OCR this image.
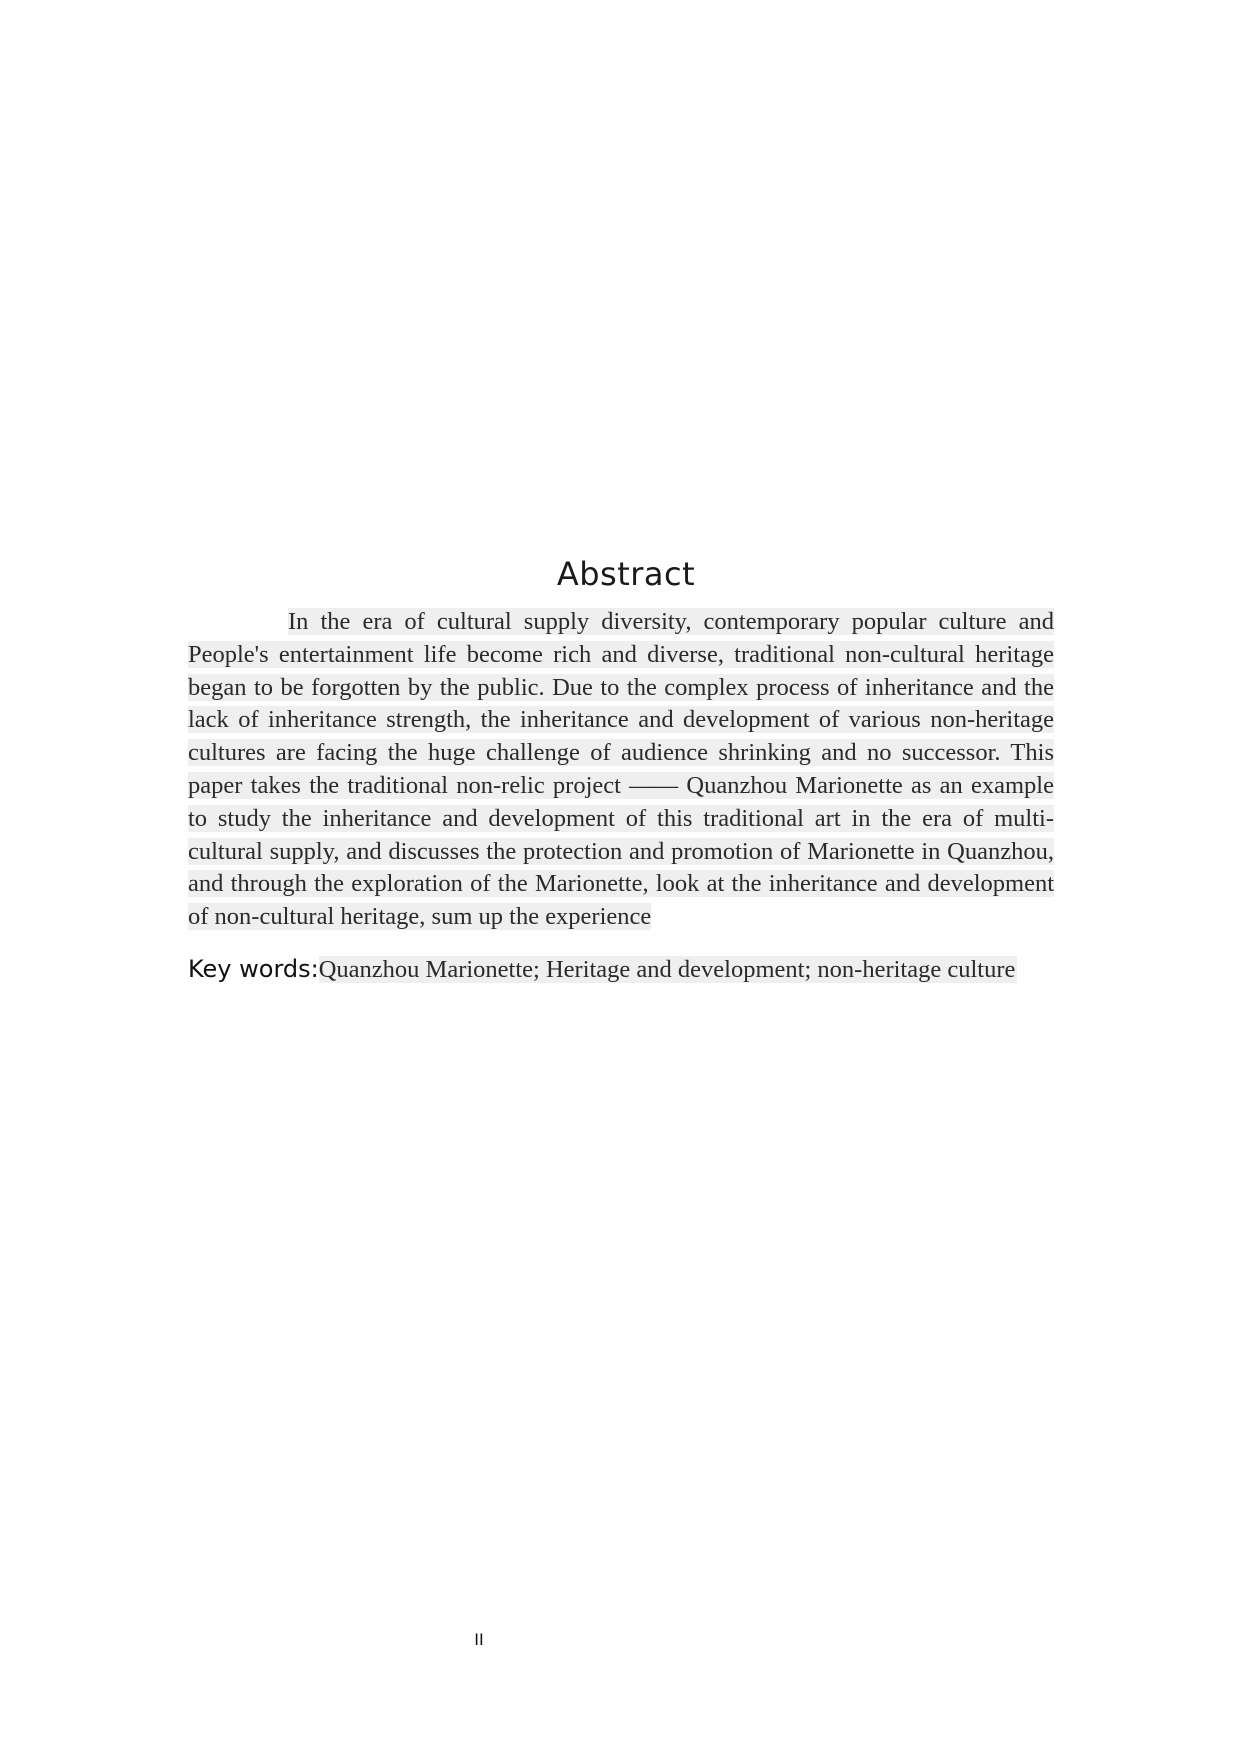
Abstract

In the era of cultural supply diversity, contemporary popular culture and People's entertainment life become rich and diverse, traditional non-cultural heritage began to be forgotten by the public. Due to the complex process of inheritance and the lack of inheritance strength, the inheritance and development of various non-heritage cultures are facing the huge challenge of audience shrinking and no successor. This paper takes the traditional non-relic project —— Quanzhou Marionette as an example to study the inheritance and development of this traditional art in the era of multi-cultural supply, and discusses the protection and promotion of Marionette in Quanzhou, and through the exploration of the Marionette, look at the inheritance and development of non-cultural heritage, sum up the experience

Key words:Quanzhou Marionette; Heritage and development; non-heritage culture
II
